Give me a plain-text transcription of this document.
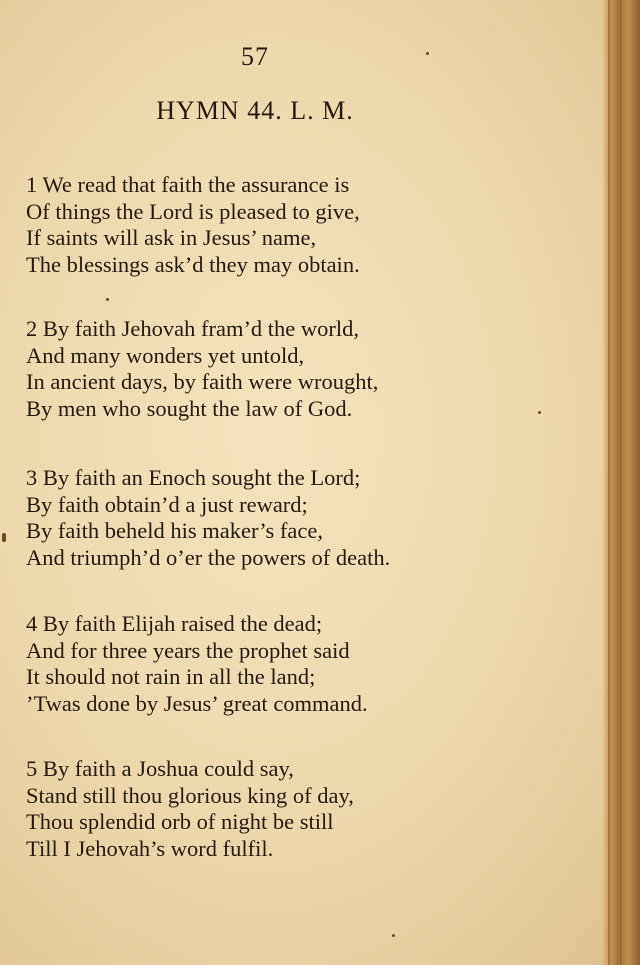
57
HYMN 44. L. M.
1 We read that faith the assurance is
Of things the Lord is pleased to give,
If saints will ask in Jesus’ name,
The blessings ask’d they may obtain.
2 By faith Jehovah fram’d the world,
And many wonders yet untold,
In ancient days, by faith were wrought,
By men who sought the law of God.
3 By faith an Enoch sought the Lord;
By faith obtain’d a just reward;
By faith beheld his maker’s face,
And triumph’d o’er the powers of death.
4 By faith Elijah raised the dead;
And for three years the prophet said
It should not rain in all the land;
’Twas done by Jesus’ great command.
5 By faith a Joshua could say,
Stand still thou glorious king of day,
Thou splendid orb of night be still
Till I Jehovah’s word fulfil.
